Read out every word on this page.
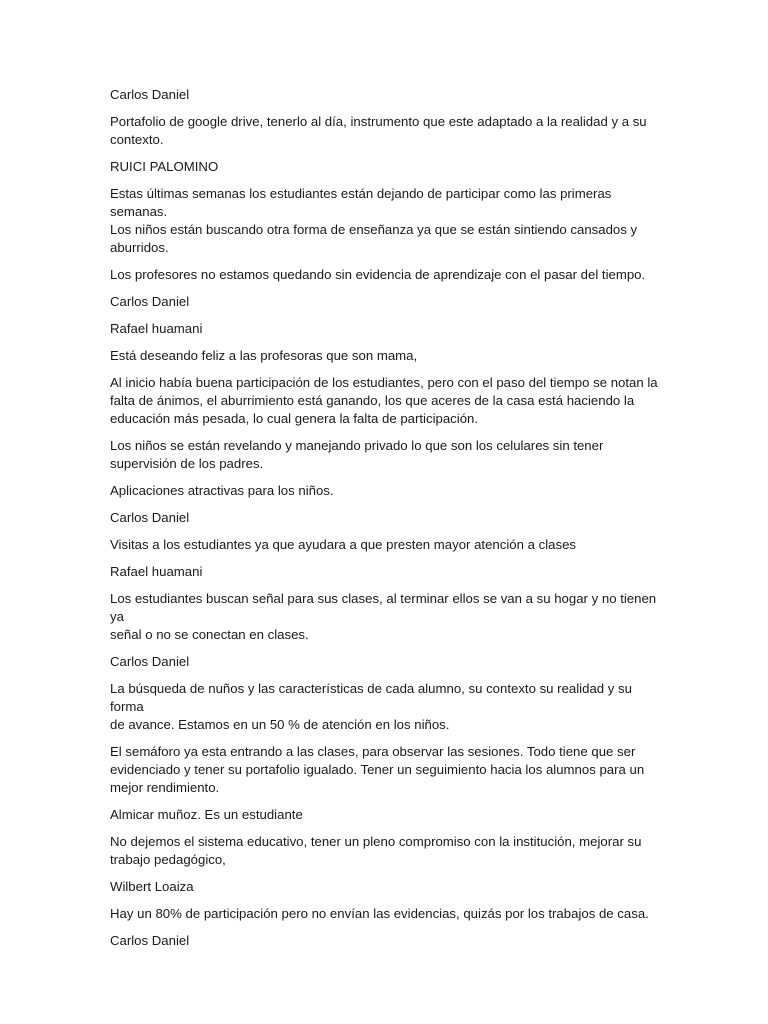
Carlos Daniel

Portafolio de google drive, tenerlo al día, instrumento que este adaptado a la realidad y a su
contexto.

RUICI PALOMINO

Estas últimas semanas los estudiantes están dejando de participar como las primeras semanas.
Los niños están buscando otra forma de enseñanza ya que se están sintiendo cansados y
aburridos.

Los profesores no estamos quedando sin evidencia de aprendizaje con el pasar del tiempo.

Carlos Daniel

Rafael huamani

Está deseando feliz a las profesoras que son mama,

Al inicio había buena participación de los estudiantes, pero con el paso del tiempo se notan la
falta de ánimos, el aburrimiento está ganando, los que aceres de la casa está haciendo la
educación más pesada, lo cual genera la falta de participación.

Los niños se están revelando y manejando privado lo que son los celulares sin tener
supervisión de los padres.

Aplicaciones atractivas para los niños.

Carlos Daniel

Visitas a los estudiantes ya que ayudara a que presten mayor atención a clases

Rafael huamani

Los estudiantes buscan señal para sus clases, al terminar ellos se van a su hogar y no tienen ya
señal o no se conectan en clases.

Carlos Daniel

La búsqueda de nuños y las características de cada alumno, su contexto su realidad y su forma
de avance. Estamos en un 50 % de atención en los niños.

El semáforo ya esta entrando a las clases, para observar las sesiones. Todo tiene que ser
evidenciado y tener su portafolio igualado. Tener un seguimiento hacia los alumnos para un
mejor rendimiento.

Almicar muñoz. Es un estudiante

No dejemos el sistema educativo, tener un pleno compromiso con la institución, mejorar su
trabajo pedagógico,

Wilbert Loaiza

Hay un 80% de participación pero no envían las evidencias, quizás por los trabajos de casa.

Carlos Daniel
